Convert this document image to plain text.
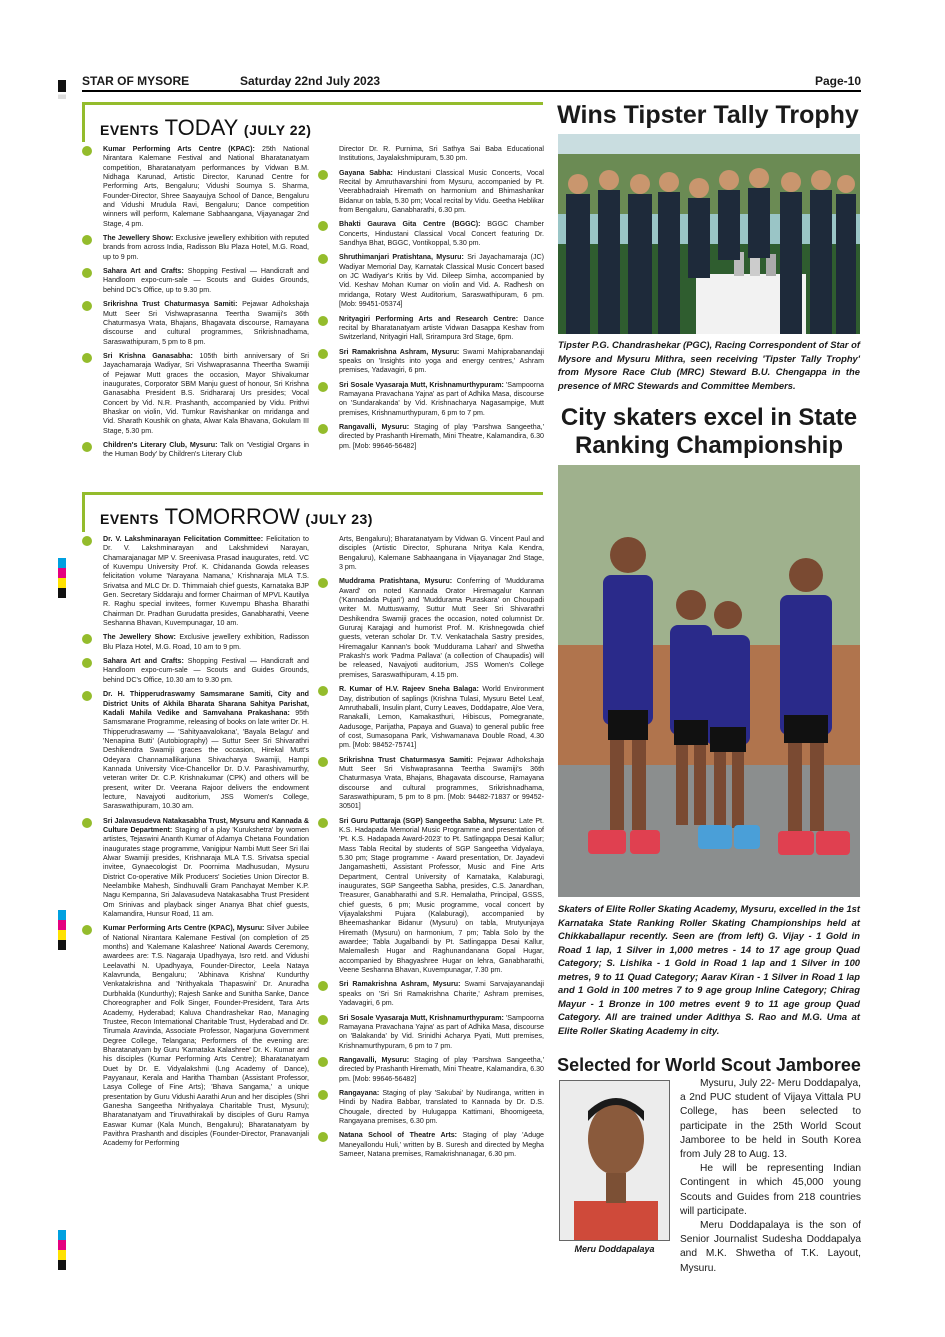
STAR OF MYSORE	Saturday 22nd July 2023	Page-10
EVENTS TODAY (JULY 22)
Kumar Performing Arts Centre (KPAC): 25th National Nirantara Kalemane Festival and National Bharatanatyam competition, Bharatanatyam performances by Vidwan B.M. Nidhaga Karunad, Artistic Director, Karunad Centre for Performing Arts, Bengaluru; Vidushi Soumya S. Sharma, Founder-Director, Shree Saayaujya School of Dance, Bengaluru and Vidushi Mrudula Ravi, Bengaluru; Dance competition winners will perform, Kalemane Sabhaangana, Vijayanagar 2nd Stage, 4 pm.
The Jewellery Show: Exclusive jewellery exhibition with reputed brands from across India, Radisson Blu Plaza Hotel, M.G. Road, up to 9 pm.
Sahara Art and Crafts: Shopping Festival — Handicraft and Handloom expo-cum-sale — Scouts and Guides Grounds, behind DC's Office, up to 9.30 pm.
Srikrishna Trust Chaturmasya Samiti: Pejawar Adhokshaja Mutt Seer Sri Vishwaprasanna Teertha Swamiji's 36th Chaturmasya Vrata, Bhajans, Bhagavata discourse, Ramayana discourse and cultural programmes, Srikrishnadhama, Saraswathipuram, 5 pm to 8 pm.
Sri Krishna Ganasabha: 105th birth anniversary of Sri Jayachamaraja Wadiyar, Sri Vishwaprasanna Theertha Swamiji of Pejawar Mutt graces the occasion, Mayor Shivakumar inaugurates, Corporator SBM Manju guest of honour, Sri Krishna Ganasabha President B.S. Sridhararaj Urs presides; Vocal Concert by Vid. N.R. Prashanth, accompanied by Vidu. Prithvi Bhaskar on violin, Vid. Tumkur Ravishankar on mridanga and Vid. Sharath Koushik on ghata, Alwar Kala Bhavana, Gokulam III Stage, 5.30 pm.
Children's Literary Club, Mysuru: Talk on 'Vestigial Organs in the Human Body' by Children's Literary Club
Director Dr. R. Purnima, Sri Sathya Sai Baba Educational Institutions, Jayalakshmipuram, 5.30 pm.
Gayana Sabha: Hindustani Classical Music Concerts, Vocal Recital by Amruthavarshini from Mysuru, accompanied by Pt. Veerabhadraiah Hiremath on harmonium and Bhimashankar Bidanur on tabla, 5.30 pm; Vocal recital by Vidu. Geetha Heblikar from Bengaluru, Ganabharathi, 6.30 pm.
Bhakti Gaurava Gita Centre (BGGC): BGGC Chamber Concerts, Hindustani Classical Vocal Concert featuring Dr. Sandhya Bhat, BGGC, Vontikoppal, 5.30 pm.
Shruthimanjari Pratishtana, Mysuru: Sri Jayachamaraja (JC) Wadiyar Memorial Day, Karnatak Classical Music Concert based on JC Wadiyar's Kritis by Vid. Dileep Simha, accompanied by Vid. Keshav Mohan Kumar on violin and Vid. A. Radhesh on mridanga, Rotary West Auditorium, Saraswathipuram, 6 pm. [Mob: 99451-05374]
Nrityagiri Performing Arts and Research Centre: Dance recital by Bharatanatyam artiste Vidwan Dasappa Keshav from Switzerland, Nrityagiri Hall, Srirampura 3rd Stage, 6pm.
Sri Ramakrishna Ashram, Mysuru: Swami Mahiprabanandaji speaks on 'Insights into yoga and energy centres,' Ashram premises, Yadavagiri, 6 pm.
Sri Sosale Vyasaraja Mutt, Krishnamurthypuram: 'Sampoorna Ramayana Pravachana Yajna' as part of Adhika Masa, discourse on 'Sundarakanda' by Vid. Krishnacharya Nagasampige, Mutt premises, Krishnamurthypuram, 6 pm to 7 pm.
Rangavalli, Mysuru: Staging of play 'Parshwa Sangeetha,' directed by Prashanth Hiremath, Mini Theatre, Kalamandira, 6.30 pm. [Mob: 99646-56482]
EVENTS TOMORROW (JULY 23)
Dr. V. Lakshminarayan Felicitation Committee: Felicitation to Dr. V. Lakshminarayan and Lakshmidevi Narayan, Chamarajanagar MP V. Sreenivasa Prasad inaugurates, retd. VC of Kuvempu University Prof. K. Chidananda Gowda releases felicitation volume 'Narayana Namana,' Krishnaraja MLA T.S. Srivatsa and MLC Dr. D. Thimmaiah chief guests, Karnataka BJP Gen. Secretary Siddaraju and former Chairman of MPVL Kautilya R. Raghu special invitees, former Kuvempu Bhasha Bharathi Chairman Dr. Pradhan Gurudatta presides, Ganabharathi, Veene Seshanna Bhavan, Kuvempunagar, 10 am.
The Jewellery Show: Exclusive jewellery exhibition, Radisson Blu Plaza Hotel, M.G. Road, 10 am to 9 pm.
Sahara Art and Crafts: Shopping Festival — Handicraft and Handloom expo-cum-sale — Scouts and Guides Grounds, behind DC's Office, 10.30 am to 9.30 pm.
Dr. H. Thipperudraswamy Samsmarane Samiti, City and District Units of Akhila Bharata Sharana Sahitya Parishat, Kadali Mahila Vedike and Samvahana Prakashana: 95th Samsmarane Programme, releasing of books on late writer Dr. H. Thipperudraswamy — 'Sahityaavalokana', 'Bayala Belagu' and 'Nenapina Butti' (Autobiography) — Suttur Seer Sri Shivarathri Deshikendra Swamiji graces the occasion, Hirekal Mutt's Odeyara Channamallikarjuna Shivacharya Swamiji, Hampi Kannada University Vice-Chancellor Dr. D.V. Parashivamurthy, veteran writer Dr. C.P. Krishnakumar (CPK) and others will be present, writer Dr. Veerana Rajoor delivers the endowment lecture, Navajyoti auditorium, JSS Women's College, Saraswathipuram, 10.30 am.
Sri Jalavasudeva Natakasabha Trust, Mysuru and Kannada & Culture Department: Staging of a play 'Kurukshetra' by women artistes, Tejaswini Ananth Kumar of Adamya Chetana Foundation inaugurates stage programme, Vanigipur Nambi Mutt Seer Sri Ilai Alwar Swamiji presides, Krishnaraja MLA T.S. Srivatsa special invitee, Gynaecologist Dr. Poornima Madhusudan, Mysuru District Co-operative Milk Producers' Societies Union Director B. Neelambike Mahesh, Sindhuvalli Gram Panchayat Member K.P. Nagu Kempanna, Sri Jalavasudeva Natakasabha Trust President Om Srinivas and playback singer Ananya Bhat chief guests, Kalamandira, Hunsur Road, 11 am.
Kumar Performing Arts Centre (KPAC), Mysuru: Silver Jubilee of National Nirantara Kalemane Festival (on completion of 25 months) and 'Kalemane Kalashree' National Awards Ceremony, awardees are: T.S. Nagaraja Upadhyaya, Isro retd. and Vidushi Leelavathi N. Upadhyaya, Founder-Director, Leela Nataya Kalavrunda, Bengaluru; 'Abhinava Krishna' Kundurthy Venkatakrishna and 'Nrithyakala Thapaswini' Dr. Anuradha Durbhakla (Kundurthy); Rajesh Sanke and Sunitha Sanke, Dance Choreographer and Folk Singer, Founder-President, Tara Arts Academy, Hyderabad; Kaluva Chandrashekar Rao, Managing Trustee, Recon International Charitable Trust, Hyderabad and Dr. Tirumala Aravinda, Associate Professor, Nagarjuna Government Degree College, Telangana; Performers of the evening are: Bharatanatyam by Guru 'Kamataka Kalashree' Dr. K. Kumar and his disciples (Kumar Performing Arts Centre); Bharatanatyam Duet by Dr. E. Vidyalakshmi (Lng Academy of Dance), Payyanaur, Kerala and Haritha Thamban (Assistant Professor, Lasya College of Fine Arts); 'Bhava Sangama,' a unique presentation by Guru Vidushi Aarathi Arun and her disciples (Shri Ganesha Sangeetha Nrithyalaya Charitable Trust, Mysuru); Bharatanatyam and Tiruvathirakali by disciples of Guru Ramya Easwar Kumar (Kala Munch, Bengaluru); Bharatanatyam by Pavithra Prashanth and disciples (Founder-Director, Pranavanjali Academy for Performing
Arts, Bengaluru); Bharatanatyam by Vidwan G. Vincent Paul and disciples (Artistic Director, Sphurana Nritya Kala Kendra, Bengaluru), Kalemane Sabhaangana in Vijayanagar 2nd Stage, 3 pm.
Muddrama Pratishtana, Mysuru: Conferring of 'Muddurama Award' on noted Kannada Orator Hiremagalur Kannan ('Kannadada Pujari') and 'Muddurama Puraskara' on Choupadi writer M. Muttuswamy, Suttur Mutt Seer Sri Shivarathri Deshikendra Swamiji graces the occasion, noted columnist Dr. Gururaj Karajagi and humorist Prof. M. Krishnegowda chief guests, veteran scholar Dr. T.V. Venkatachala Sastry presides, Hiremagalur Kannan's book 'Muddurama Lahari' and Shwetha Prakash's work 'Padma Pallava' (a collection of Chaupadis) will be released, Navajyoti auditorium, JSS Women's College premises, Saraswathipuram, 4.15 pm.
R. Kumar of H.V. Rajeev Sneha Balaga: World Environment Day, distribution of saplings (Krishna Tulasi, Mysuru Betel Leaf, Amruthaballi, Insulin plant, Curry Leaves, Doddapatre, Aloe Vera, Ranakalli, Lemon, Kamakasthuri, Hibiscus, Pomegranate, Aadusoge, Parijatha, Papaya and Guava) to general public free of cost, Sumasopana Park, Vishwamanava Double Road, 4.30 pm. [Mob: 98452-75741]
Srikrishna Trust Chaturmasya Samiti: Pejawar Adhokshaja Mutt Seer Sri Vishwaprasanna Teertha Swamiji's 36th Chaturmasya Vrata, Bhajans, Bhagavata discourse, Ramayana discourse and cultural programmes, Srikrishnadhama, Saraswathipuram, 5 pm to 8 pm. [Mob: 94482-71837 or 99452-30501]
Sri Guru Puttaraja (SGP) Sangeetha Sabha, Mysuru: Late Pt. K.S. Hadapada Memorial Music Programme and presentation of 'Pt. K.S. Hadapada Award-2023' to Pt. Satlingappa Desai Kallur; Mass Tabla Recital by students of SGP Sangeetha Vidyalaya, 5.30 pm; Stage programme - Award presentation, Dr. Jayadevi Jangamashetti, Assistant Professor, Music and Fine Arts Department, Central University of Karnataka, Kalaburagi, inaugurates, SGP Sangeetha Sabha, presides, C.S. Janardhan, Treasurer, Ganabharathi and S.R. Hemalatha, Principal, GSSS, chief guests, 6 pm; Music programme, vocal concert by Vijayalakshmi Pujara (Kalaburagi), accompanied by Bheemashankar Bidanur (Mysuru) on tabla, Mrutyunjaya Hiremath (Mysuru) on harmonium, 7 pm; Tabla Solo by the awardee; Tabla Jugalbandi by Pt. Satlingappa Desai Kallur, Malemallesh Hugar and Raghunandanana Gopal Hugar, accompanied by Bhagyashree Hugar on lehra, Ganabharathi, Veene Seshanna Bhavan, Kuvempunagar, 7.30 pm.
Sri Ramakrishna Ashram, Mysuru: Swami Sarvajayanandaji speaks on 'Sri Sri Ramakrishna Charite,' Ashram premises, Yadavagiri, 6 pm.
Sri Sosale Vyasaraja Mutt, Krishnamurthypuram: 'Sampoorna Ramayana Pravachana Yajna' as part of Adhika Masa, discourse on 'Balakanda' by Vid. Srinidhi Acharya Pyati, Mutt premises, Krishnamurthypuram, 6 pm to 7 pm.
Rangavalli, Mysuru: Staging of play 'Parshwa Sangeetha,' directed by Prashanth Hiremath, Mini Theatre, Kalamandira, 6.30 pm. [Mob: 99646-56482]
Rangayana: Staging of play 'Sakubai' by Nudiranga, written in Hindi by Nadira Babbar, translated to Kannada by Dr. D.S. Chougale, directed by Hulugappa Kattimani, Bhoomigeeta, Rangayana premises, 6.30 pm.
Natana School of Theatre Arts: Staging of play 'Aduge Maneyallondu Huli,' written by B. Suresh and directed by Megha Sameer, Natana premises, Ramakrishnanagar, 6.30 pm.
Wins Tipster Tally Trophy
Tipster P.G. Chandrashekar (PGC), Racing Correspondent of Star of Mysore and Mysuru Mithra, seen receiving 'Tipster Tally Trophy' from Mysore Race Club (MRC) Steward B.U. Chengappa in the presence of MRC Stewards and Committee Members.
City skaters excel in State Ranking Championship
Skaters of Elite Roller Skating Academy, Mysuru, excelled in the 1st Karnataka State Ranking Roller Skating Championships held at Chikkaballapur recently. Seen are (from left) G. Vijay - 1 Gold in Road 1 lap, 1 Silver in 1,000 metres - 14 to 17 age group Quad Category; S. Lishika - 1 Gold in Road 1 lap and 1 Silver in 100 metres, 9 to 11 Quad Category; Aarav Kiran - 1 Silver in Road 1 lap and 1 Gold in 100 metres 7 to 9 age group Inline Category; Chirag Mayur - 1 Bronze in 100 metres event 9 to 11 age group Quad Category. All are trained under Adithya S. Rao and M.G. Uma at Elite Roller Skating Academy in city.
Selected for World Scout Jamboree
Meru Doddapalaya

Mysuru, July 22- Meru Doddapalya, a 2nd PUC student of Vijaya Vittala PU College, has been selected to participate in the 25th World Scout Jamboree to be held in South Korea from July 28 to Aug. 13.

He will be representing Indian Contingent in which 45,000 young Scouts and Guides from 218 countries will participate.

Meru Doddapalaya is the son of Senior Journalist Sudesha Doddapalya and M.K. Shwetha of T.K. Layout, Mysuru.
